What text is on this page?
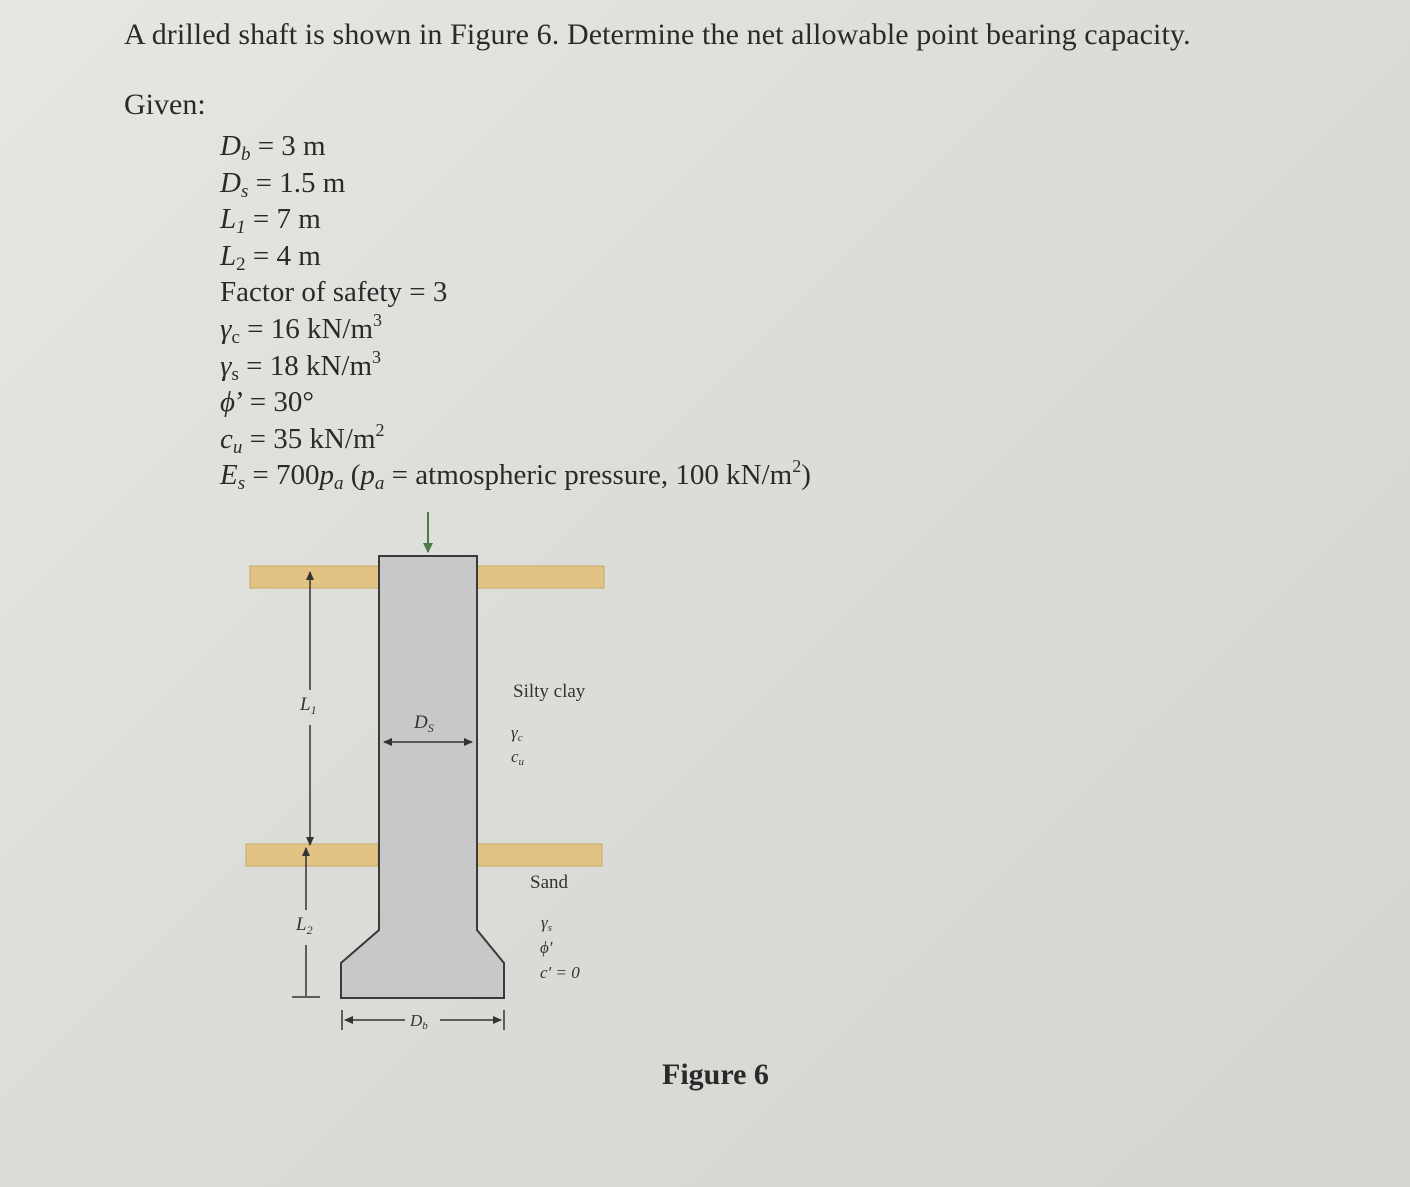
A drilled shaft is shown in Figure 6. Determine the net allowable point bearing capacity.
Given:
$D_b = 3$ m
$D_s = 1.5$ m
$L_1 = 7$ m
$L_2 = 4$ m
Factor of safety = 3
$\gamma_c = 16$ $kN/m^3$
$\gamma_s = 18$ $kN/m^3$
ϕ’ = 30°
$c_u = 35$ $kN/m^2$
$E_s = 700p_a$ ($p_a$ = atmospheric pressure, 100 $kN/m^2$)
$L_1$
$L_2$
$D_S$
Db
Silty clay
γc
cu
Sand
γs
ϕ′
c′ = 0
Figure 6
